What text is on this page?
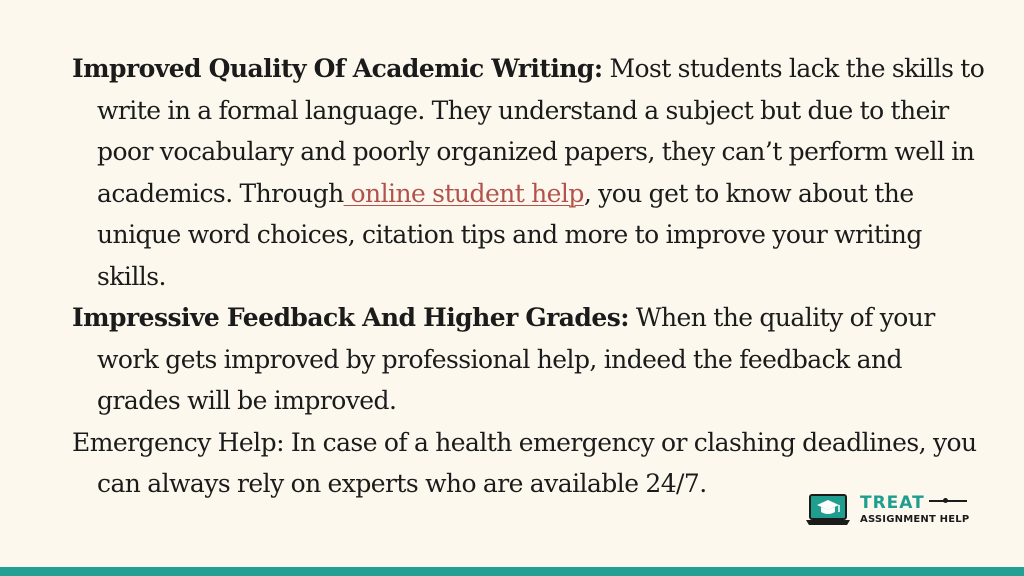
Improved Quality Of Academic Writing: Most students lack the skills to write in a formal language. They understand a subject but due to their poor vocabulary and poorly organized papers, they can’t perform well in academics. Through online student help, you get to know about the unique word choices, citation tips and more to improve your writing skills.

Impressive Feedback And Higher Grades: When the quality of your work gets improved by professional help, indeed the feedback and grades will be improved.

Emergency Help: In case of a health emergency or clashing deadlines, you can always rely on experts who are available 24/7.

TREAT
ASSIGNMENT HELP
